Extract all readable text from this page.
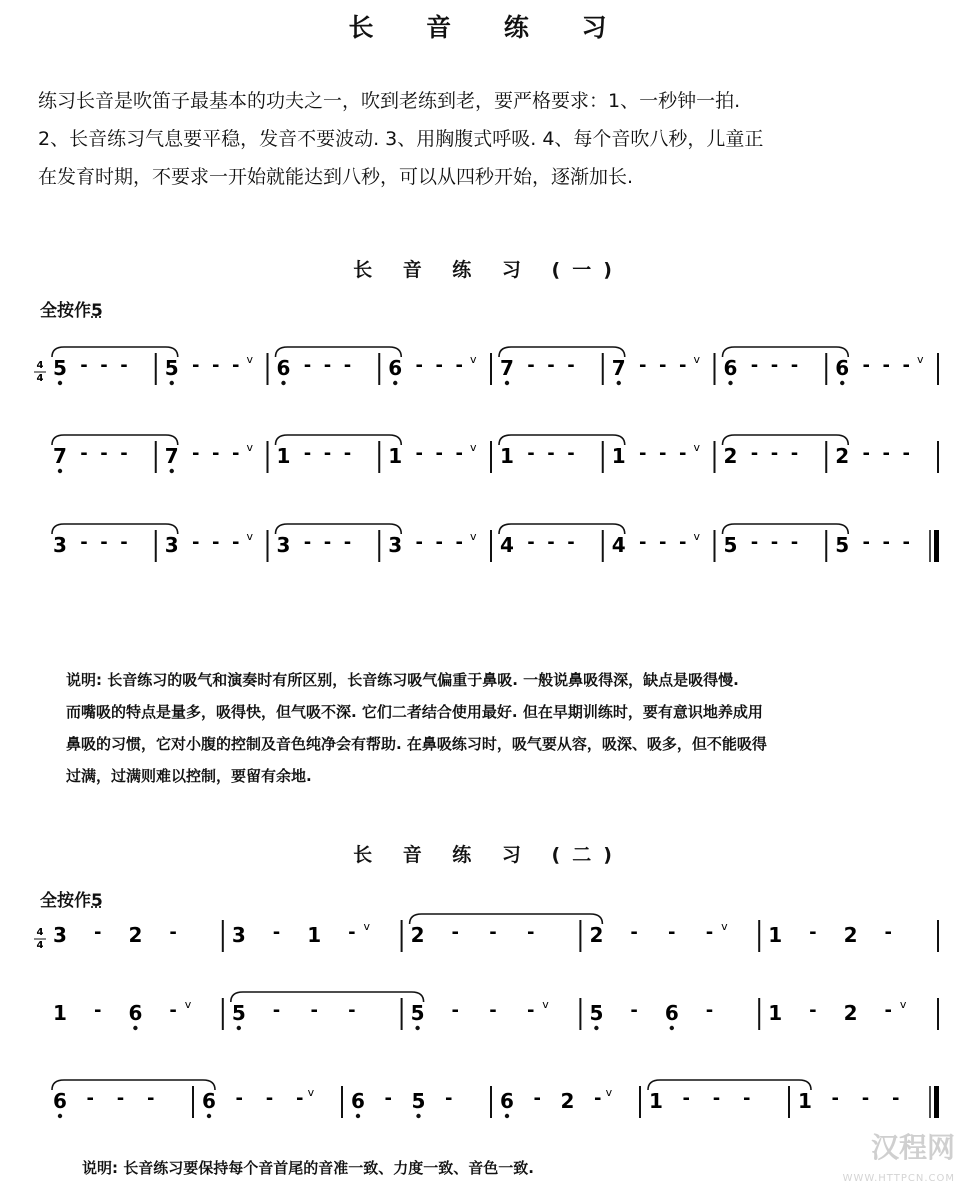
长 音 练 习

练习长音是吹笛子最基本的功夫之一，吹到老练到老，要严格要求：1、一秒钟一拍.

2、长音练习气息要平稳，发音不要波动. 3、用胸腹式呼吸. 4、每个音吹八秒，儿童正

在发育时期，不要求一开始就能达到八秒，可以从四秒开始，逐渐加长.

长 音 练 习 (一)
全按作5

说明: 长音练习的吸气和演奏时有所区别，长音练习吸气偏重于鼻吸. 一般说鼻吸得深，缺点是吸得慢.

而嘴吸的特点是量多，吸得快，但气吸不深. 它们二者结合使用最好. 但在早期训练时，要有意识地养成用

鼻吸的习惯，它对小腹的控制及音色纯净会有帮助. 在鼻吸练习时，吸气要从容，吸深、吸多，但不能吸得

过满，过满则难以控制，要留有余地.

长 音 练 习 (二)
全按作5
说明: 长音练习要保持每个音首尾的音准一致、力度一致、音色一致.
4
4 5 - - - 5 - - - v 6 - - - 6 - - - v 7 - - - 7 - - - v 6 - - - 6 - - - v
7 - - - 7 - - - v 1 - - - 1 - - - v 1 - - - 1 - - - v 2 - - - 2 - - -
3 - - - 3 - - - v 3 - - - 3 - - - v 4 - - - 4 - - - v 5 - - - 5 - - -
4
4 3 - 2 -	3 - 1 - v 2 - - -	2 - - - v 1 - 2 -
1 - 6 - v 5 - - -	5 - - - v 5 - 6 -	1 - 2 - v
6 - - - 6 - - - v 6 - 5 - 6 - 2 - v 1 - - - 1 - - -
汉程网
WWW.HTTPCN.COM
